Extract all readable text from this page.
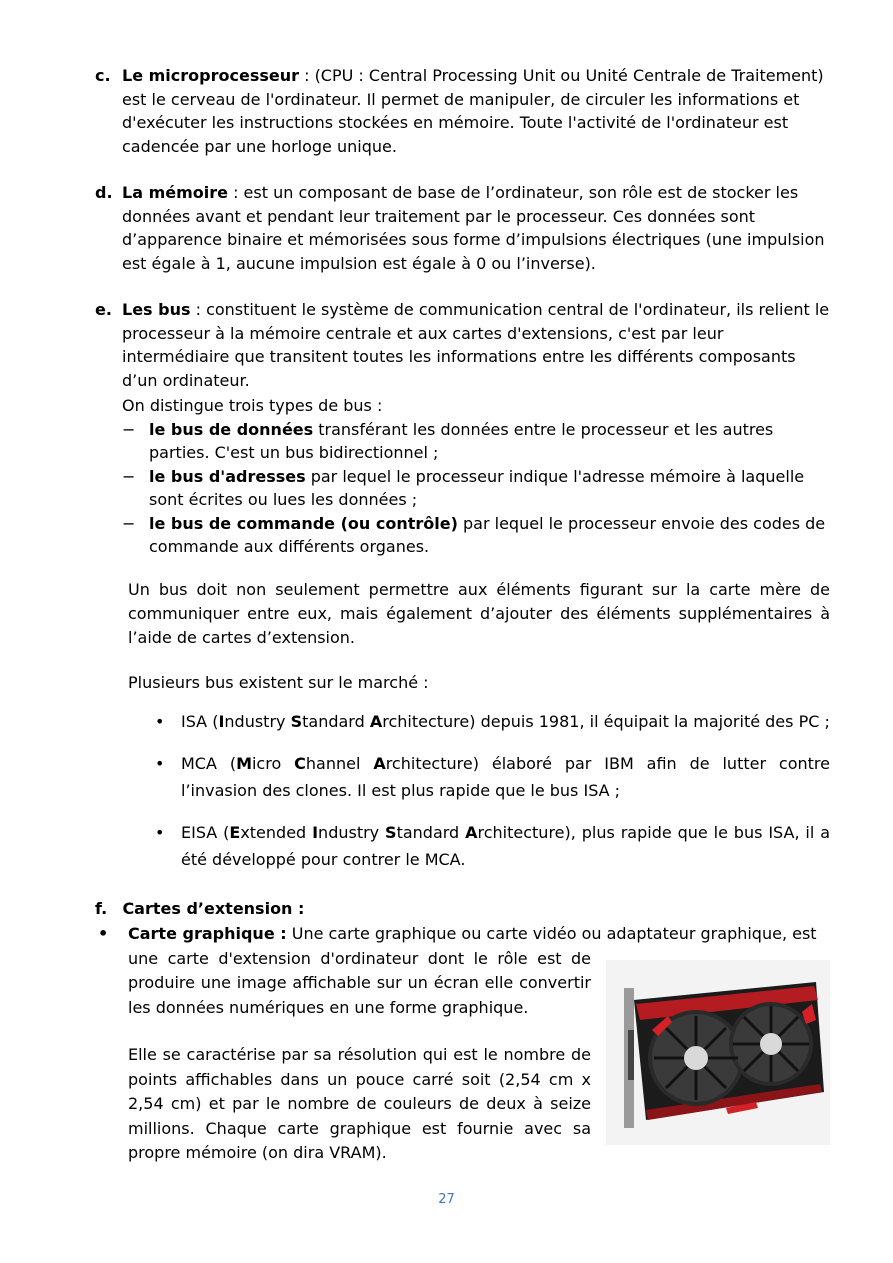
c. Le microprocesseur : (CPU : Central Processing Unit ou Unité Centrale de Traitement) est le cerveau de l'ordinateur. Il permet de manipuler, de circuler les informations et d'exécuter les instructions stockées en mémoire. Toute l'activité de l'ordinateur est cadencée par une horloge unique.

d. La mémoire : est un composant de base de l’ordinateur, son rôle est de stocker les données avant et pendant leur traitement par le processeur. Ces données sont d’apparence binaire et mémorisées sous forme d’impulsions électriques (une impulsion est égale à 1, aucune impulsion est égale à 0 ou l’inverse).

e. Les bus : constituent le système de communication central de l'ordinateur, ils relient le processeur à la mémoire centrale et aux cartes d'extensions, c'est par leur intermédiaire que transitent toutes les informations entre les différents composants d’un ordinateur.

On distingue trois types de bus :

− le bus de données transférant les données entre le processeur et les autres parties. C'est un bus bidirectionnel ;
− le bus d'adresses par lequel le processeur indique l'adresse mémoire à laquelle sont écrites ou lues les données ;
− le bus de commande (ou contrôle) par lequel le processeur envoie des codes de commande aux différents organes.

Un bus doit non seulement permettre aux éléments figurant sur la carte mère de communiquer entre eux, mais également d’ajouter des éléments supplémentaires à l’aide de cartes d’extension.

Plusieurs bus existent sur le marché :

• ISA (Industry Standard Architecture) depuis 1981, il équipait la majorité des PC ;
• MCA (Micro Channel Architecture) élaboré par IBM afin de lutter contre l’invasion des clones. Il est plus rapide que le bus ISA ;
• EISA (Extended Industry Standard Architecture), plus rapide que le bus ISA, il a été développé pour contrer le MCA.

f. Cartes d’extension :

• Carte graphique : Une carte graphique ou carte vidéo ou adaptateur graphique, est

une carte d'extension d'ordinateur dont le rôle est de produire une image affichable sur un écran elle convertir les données numériques en une forme graphique.

Elle se caractérise par sa résolution qui est le nombre de points affichables dans un pouce carré soit (2,54 cm x 2,54 cm) et par le nombre de couleurs de deux à seize millions. Chaque carte graphique est fournie avec sa propre mémoire (on dira VRAM).

27
